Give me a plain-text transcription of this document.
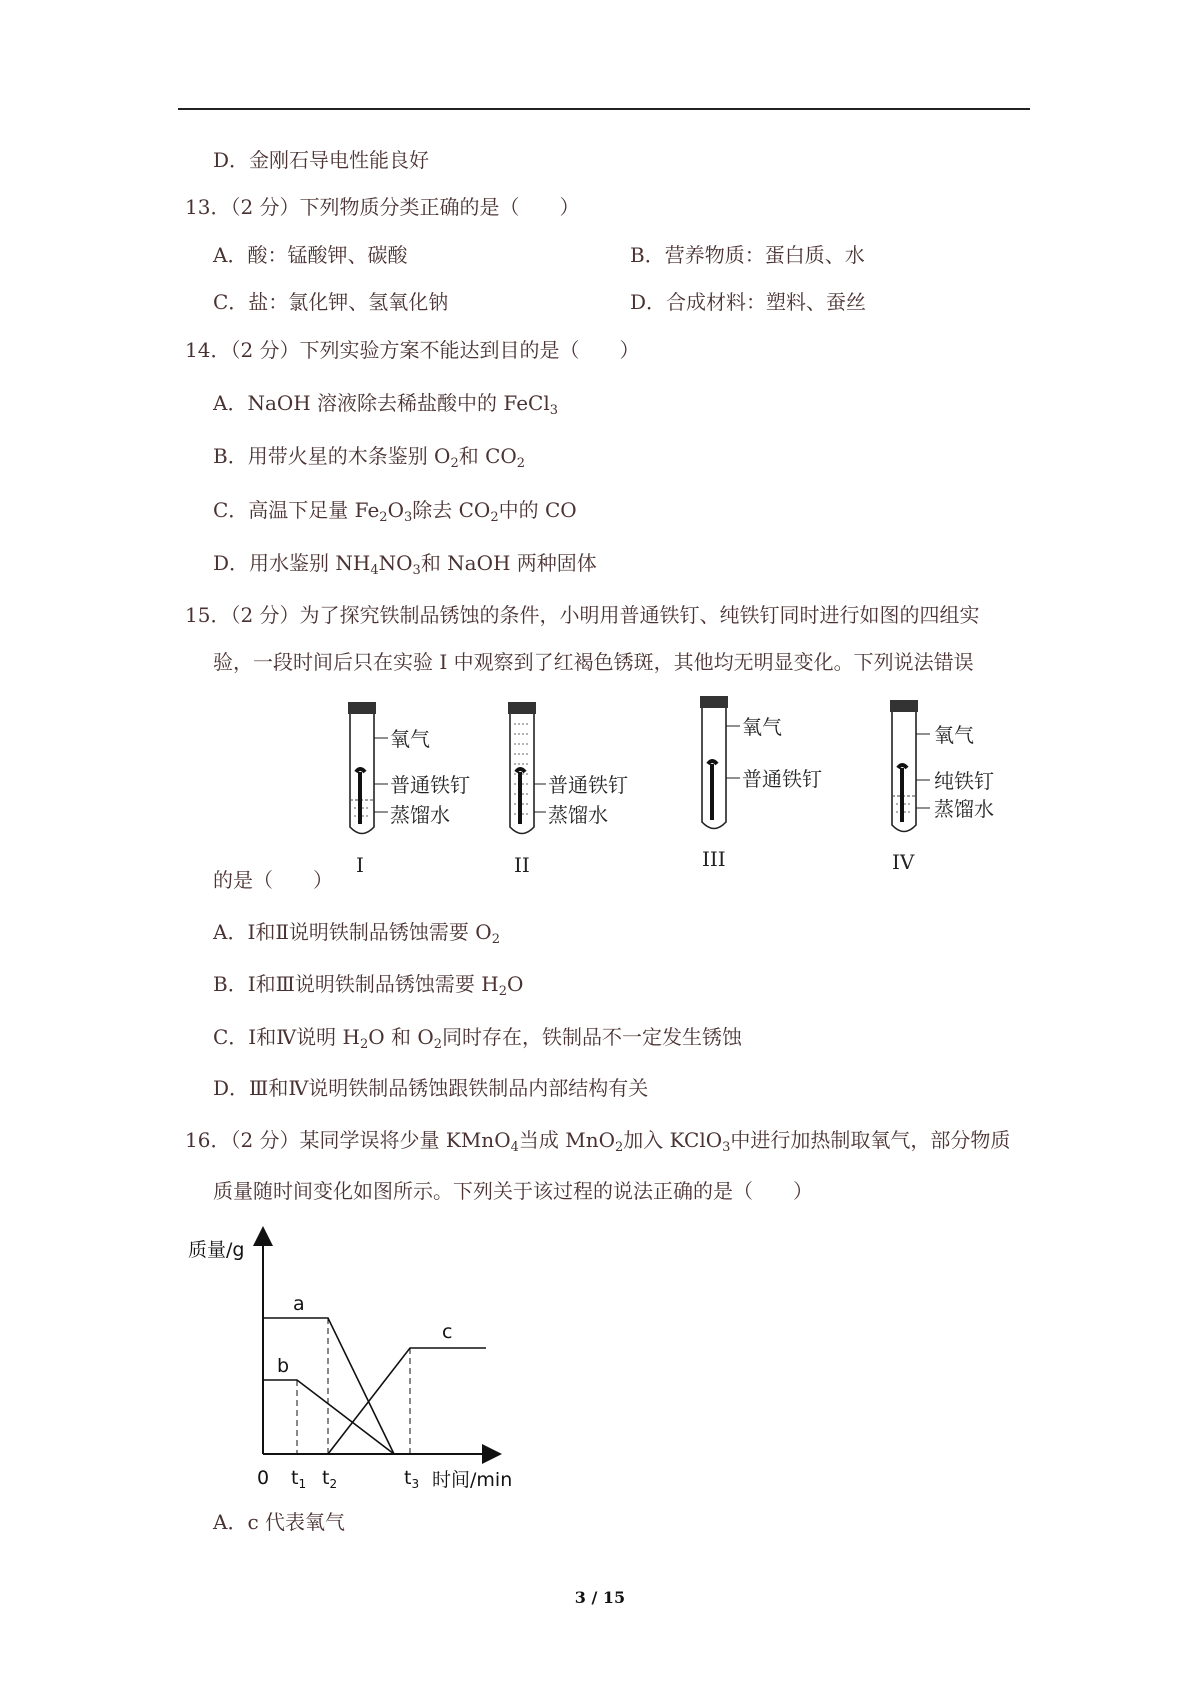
D．金刚石导电性能良好
13．（2 分）下列物质分类正确的是（　　）
A．酸：锰酸钾、碳酸	B．营养物质：蛋白质、水
C．盐：氯化钾、氢氧化钠	D．合成材料：塑料、蚕丝
14．（2 分）下列实验方案不能达到目的是（　　）
A．NaOH 溶液除去稀盐酸中的 FeCl$_3$
B．用带火星的木条鉴别 $O_2$和 $CO_2$
C．高温下足量 $Fe_2O_3$除去 $CO_2$中的 CO
D．用水鉴别 $NH_4NO_3$和 NaOH 两种固体
15．（2 分）为了探究铁制品锈蚀的条件，小明用普通铁钉、纯铁钉同时进行如图的四组实
验，一段时间后只在实验 I 中观察到了红褐色锈斑，其他均无明显变化。下列说法错误
氧气
普通铁钉
蒸馏水
I
普通铁钉
蒸馏水
II
氧气
普通铁钉
III
氧气
纯铁钉
蒸馏水
IV
的是（　　）
A．Ⅰ和Ⅱ说明铁制品锈蚀需要 $O_2$
B．Ⅰ和Ⅲ说明铁制品锈蚀需要 $H_2O$
C．Ⅰ和Ⅳ说明 $H_2O$ 和 $O_2$同时存在，铁制品不一定发生锈蚀
D．Ⅲ和Ⅳ说明铁制品锈蚀跟铁制品内部结构有关
16．（2 分）某同学误将少量 KMnO$_4$当成 MnO$_2$加入 KClO$_3$中进行加热制取氧气，部分物质
质量随时间变化如图所示。下列关于该过程的说法正确的是（　　）
质量/g
a
b
c
0 $t_1$ $t_2$	$t_3$ 时间/min
A．c 代表氧气
3 / 15
